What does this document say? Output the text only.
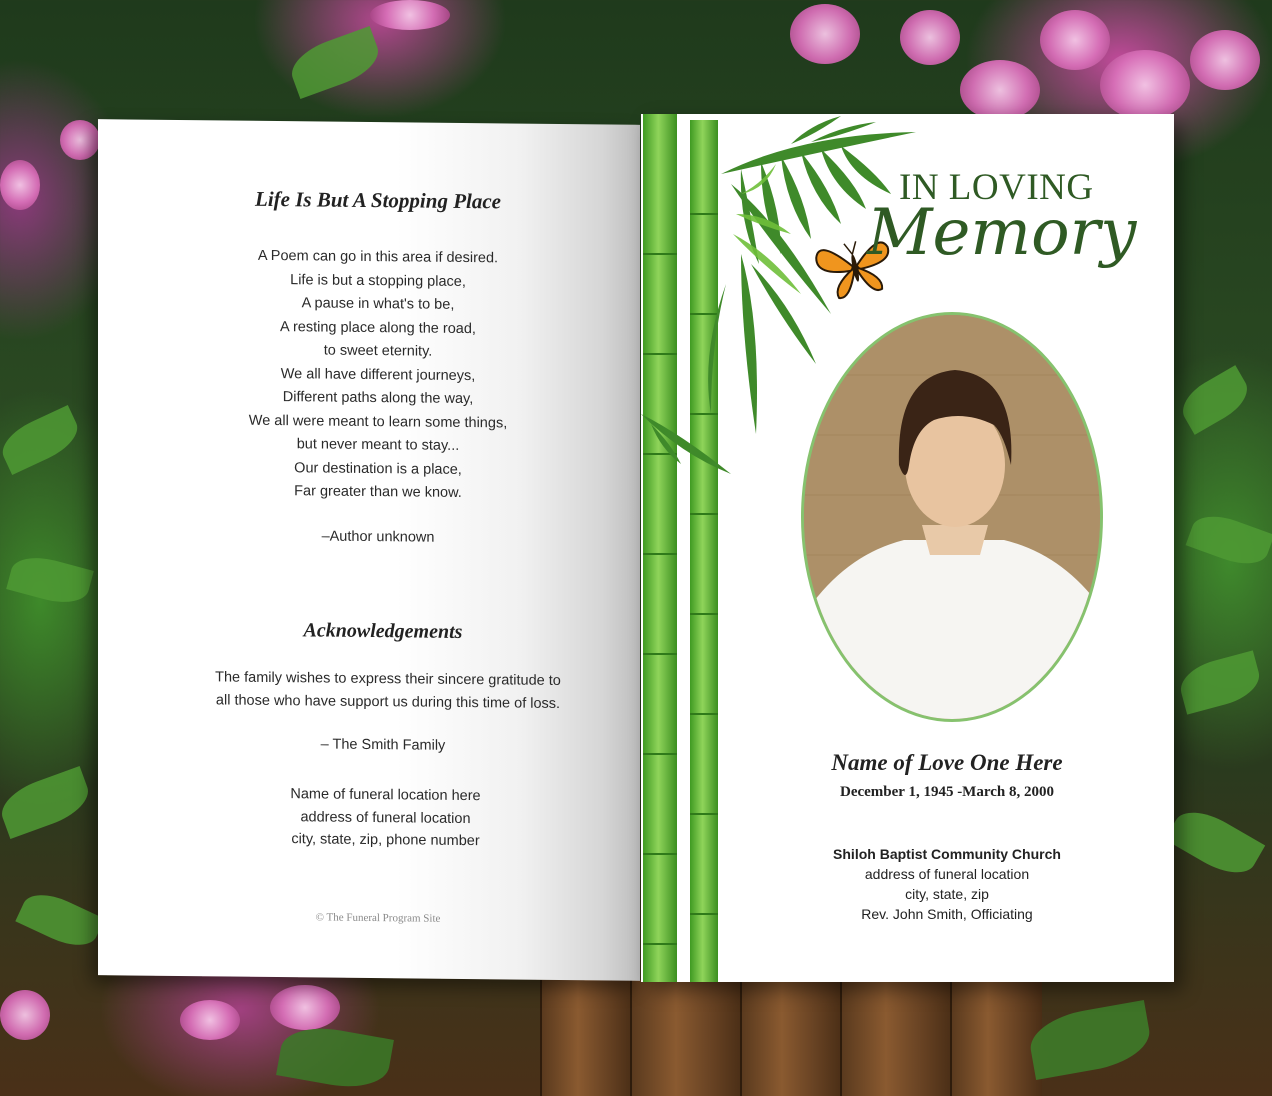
Life Is But A Stopping Place

A Poem can go in this area if desired.

Life is but a stopping place,

A pause in what's to be,

A resting place along the road,

to sweet eternity.

We all have different journeys,

Different paths along the way,

We all were meant to learn some things,

but never meant to stay...

Our destination is a place,

Far greater than we know.

–Author unknown
Acknowledgements

The family wishes to express their sincere gratitude to

all those who have support us during this time of loss.

– The Smith Family

Name of funeral location here

address of funeral location

city, state, zip, phone number

© The Funeral Program Site
IN LOVING
Memory
Name of Love One Here
December 1, 1945 -March 8, 2000

Shiloh Baptist Community Church

address of funeral location

city, state, zip

Rev. John Smith, Officiating
